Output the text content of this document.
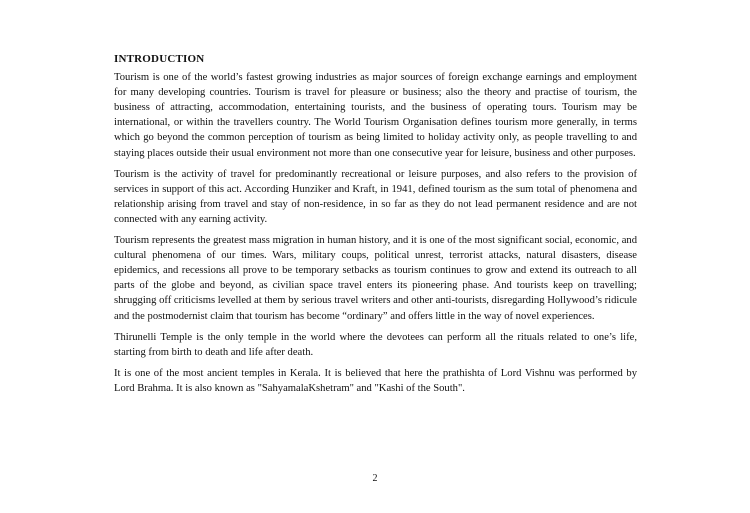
INTRODUCTION

Tourism is one of the world’s fastest growing industries as major sources of foreign exchange earnings and employment for many developing countries. Tourism is travel for pleasure or business; also the theory and practise of tourism, the business of attracting, accommodation, entertaining tourists, and the business of operating tours. Tourism may be international, or within the travellers country. The World Tourism Organisation defines tourism more generally, in terms which go beyond the common perception of tourism as being limited to holiday activity only, as people travelling to and staying places outside their usual environment not more than one consecutive year for leisure, business and other purposes.

Tourism is the activity of travel for predominantly recreational or leisure purposes, and also refers to the provision of services in support of this act. According Hunziker and Kraft, in 1941, defined tourism as the sum total of phenomena and relationship arising from travel and stay of non-residence, in so far as they do not lead permanent residence and are not connected with any earning activity.

Tourism represents the greatest mass migration in human history, and it is one of the most significant social, economic, and cultural phenomena of our times. Wars, military coups, political unrest, terrorist attacks, natural disasters, disease epidemics, and recessions all prove to be temporary setbacks as tourism continues to grow and extend its outreach to all parts of the globe and beyond, as civilian space travel enters its pioneering phase. And tourists keep on travelling; shrugging off criticisms levelled at them by serious travel writers and other anti-tourists, disregarding Hollywood’s ridicule and the postmodernist claim that tourism has become “ordinary” and offers little in the way of novel experiences.

Thirunelli Temple is the only temple in the world where the devotees can perform all the rituals related to one’s life, starting from birth to death and life after death.

It is one of the most ancient temples in Kerala. It is believed that here the prathishta of Lord Vishnu was performed by Lord Brahma. It is also known as "SahyamalaKshetram" and "Kashi of the South".

2
